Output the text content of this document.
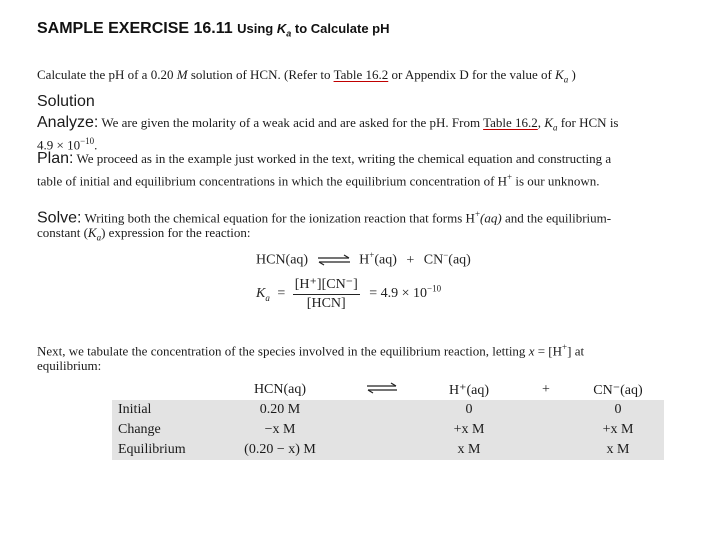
SAMPLE EXERCISE 16.11 Using $K_a$ to Calculate pH
Calculate the pH of a 0.20 M solution of HCN. (Refer to Table 16.2 or Appendix D for the value of $K_a$ )
Solution
Analyze: We are given the molarity of a weak acid and are asked for the pH. From Table 16.2, $K_a$ for HCN is
$4.9 \times 10^{-10}$.
Plan: We proceed as in the example just worked in the text, writing the chemical equation and constructing a
table of initial and equilibrium concentrations in which the equilibrium concentration of H+ is our unknown.
Solve: Writing both the chemical equation for the ionization reaction that forms H+(aq) and the equilibrium-
constant $(K_a)$ expression for the reaction:
HCN(aq) ⇌ H+(aq) + CN−(aq)
$K_a = \frac{[H^+][CN^-]}{\text{[HCN]}} = 4.9 \times 10^{-10}$
Next, we tabulate the concentration of the species involved in the equilibrium reaction, letting x = [H+] at
equilibrium:
	HCN(aq)		H⁺(aq)	+	CN⁻(aq)
Initial	0.20 M		0		0
Change	−x M		+x M		+x M
Equilibrium	(0.20 − x) M		x M		x M
